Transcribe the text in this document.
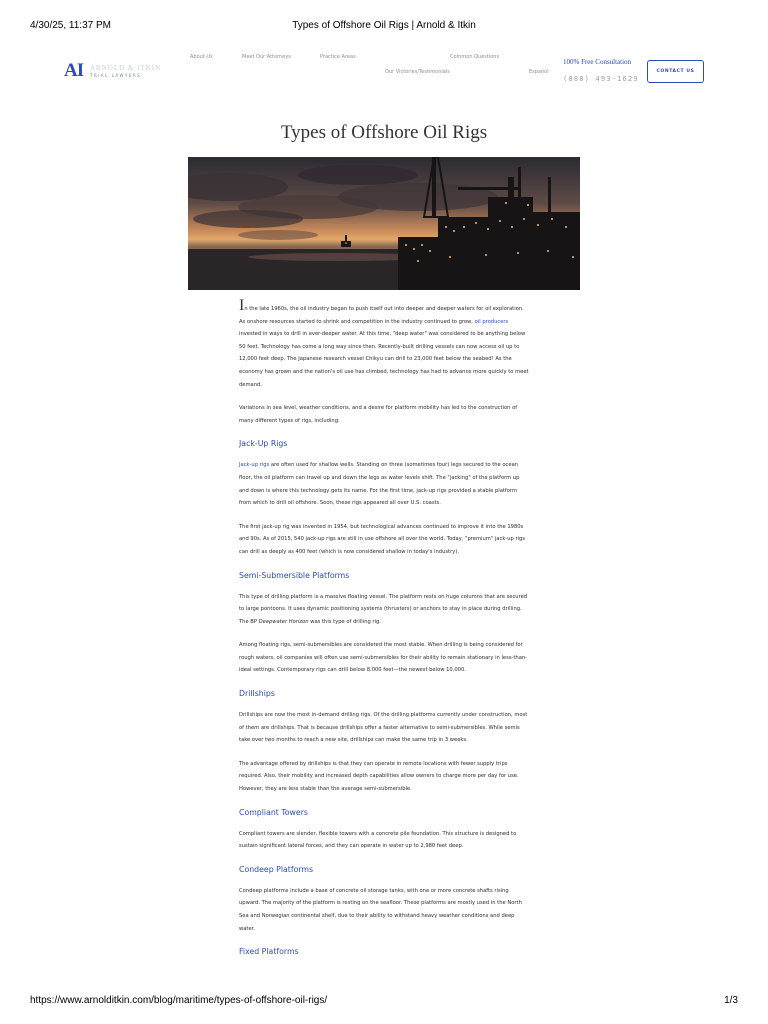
4/30/25, 11:37 PM	Types of Offshore Oil Rigs | Arnold & Itkin
AI ARNOLD & ITKIN
TRIAL LAWYERS
About Us	Meet Our Attorneys	Practice Areas	Common Questions
Our Victories/Testimonials	Español
100% Free Consultation
(888) 493-1629
CONTACT US
Types of Offshore Oil Rigs

In the late 1960s, the oil industry began to push itself out into deeper and deeper waters for oil exploration. As onshore resources started to shrink and competition in the industry continued to grow, oil producers invested in ways to drill in ever-deeper water. At this time, "deep water" was considered to be anything below 50 feet. Technology has come a long way since then. Recently-built drilling vessels can now access oil up to 12,000 feet deep. The Japanese research vessel Chikyu can drill to 23,000 feet below the seabed! As the economy has grown and the nation's oil use has climbed, technology has had to advance more quickly to meet demand.

Variations in sea level, weather conditions, and a desire for platform mobility has led to the construction of many different types of rigs, including:

Jack-Up Rigs

Jack-up rigs are often used for shallow wells. Standing on three (sometimes four) legs secured to the ocean floor, the oil platform can travel up and down the legs as water levels shift. The "jacking" of the platform up and down is where this technology gets its name. For the first time, jack-up rigs provided a stable platform from which to drill oil offshore. Soon, these rigs appeared all over U.S. coasts.

The first jack-up rig was invented in 1954, but technological advances continued to improve it into the 1980s and 90s. As of 2015, 540 jack-up rigs are still in use offshore all over the world. Today, "premium" jack-up rigs can drill as deeply as 400 feet (which is now considered shallow in today's industry).

Semi-Submersible Platforms

This type of drilling platform is a massive floating vessel. The platform rests on huge columns that are secured to large pontoons. It uses dynamic positioning systems (thrusters) or anchors to stay in place during drilling. The BP Deepwater Horizon was this type of drilling rig.

Among floating rigs, semi-submersibles are considered the most stable. When drilling is being considered for rough waters, oil companies will often use semi-submersibles for their ability to remain stationary in less-than-ideal settings. Contemporary rigs can drill below 8,000 feet—the newest below 10,000.

Drillships

Drillships are now the most in-demand drilling rigs. Of the drilling platforms currently under construction, most of them are drillships. That is because drillships offer a faster alternative to semi-submersibles. While semis take over two months to reach a new site, drillships can make the same trip in 3 weeks.

The advantage offered by drillships is that they can operate in remote locations with fewer supply trips required. Also, their mobility and increased depth capabilities allow owners to charge more per day for use. However, they are less stable than the average semi-submersible.

Compliant Towers

Compliant towers are slender, flexible towers with a concrete pile foundation. This structure is designed to sustain significant lateral forces, and they can operate in water up to 2,980 feet deep.

Condeep Platforms

Condeep platforms include a base of concrete oil storage tanks, with one or more concrete shafts rising upward. The majority of the platform is resting on the seafloor. These platforms are mostly used in the North Sea and Norwegian continental shelf, due to their ability to withstand heavy weather conditions and deep water.

Fixed Platforms
https://www.arnolditkin.com/blog/maritime/types-of-offshore-oil-rigs/	1/3
